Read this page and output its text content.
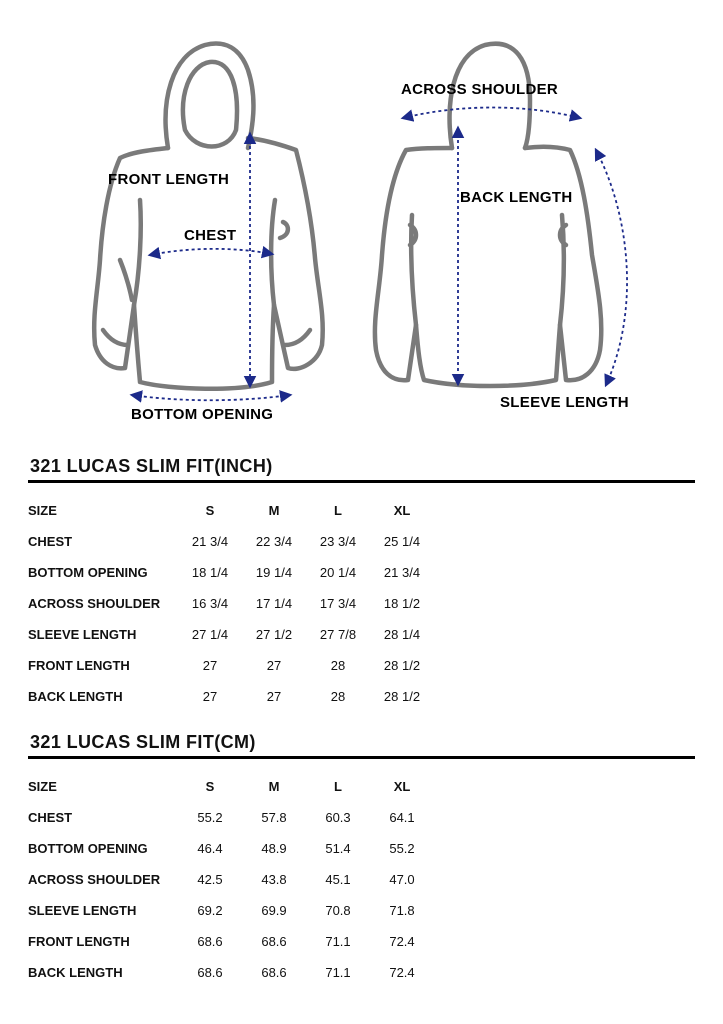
FRONT LENGTH
CHEST
BOTTOM OPENING
ACROSS SHOULDER
BACK LENGTH
SLEEVE LENGTH
321 LUCAS SLIM FIT(INCH)
SIZE	S	M	L	XL
CHEST	21 3/4	22 3/4	23 3/4	25 1/4
BOTTOM OPENING	18 1/4	19 1/4	20 1/4	21 3/4
ACROSS SHOULDER	16 3/4	17 1/4	17 3/4	18 1/2
SLEEVE LENGTH	27 1/4	27 1/2	27 7/8	28 1/4
FRONT LENGTH	27	27	28	28 1/2
BACK LENGTH	27	27	28	28 1/2
321 LUCAS SLIM FIT(CM)
SIZE	S	M	L	XL
CHEST	55.2	57.8	60.3	64.1
BOTTOM OPENING	46.4	48.9	51.4	55.2
ACROSS SHOULDER	42.5	43.8	45.1	47.0
SLEEVE LENGTH	69.2	69.9	70.8	71.8
FRONT LENGTH	68.6	68.6	71.1	72.4
BACK LENGTH	68.6	68.6	71.1	72.4
